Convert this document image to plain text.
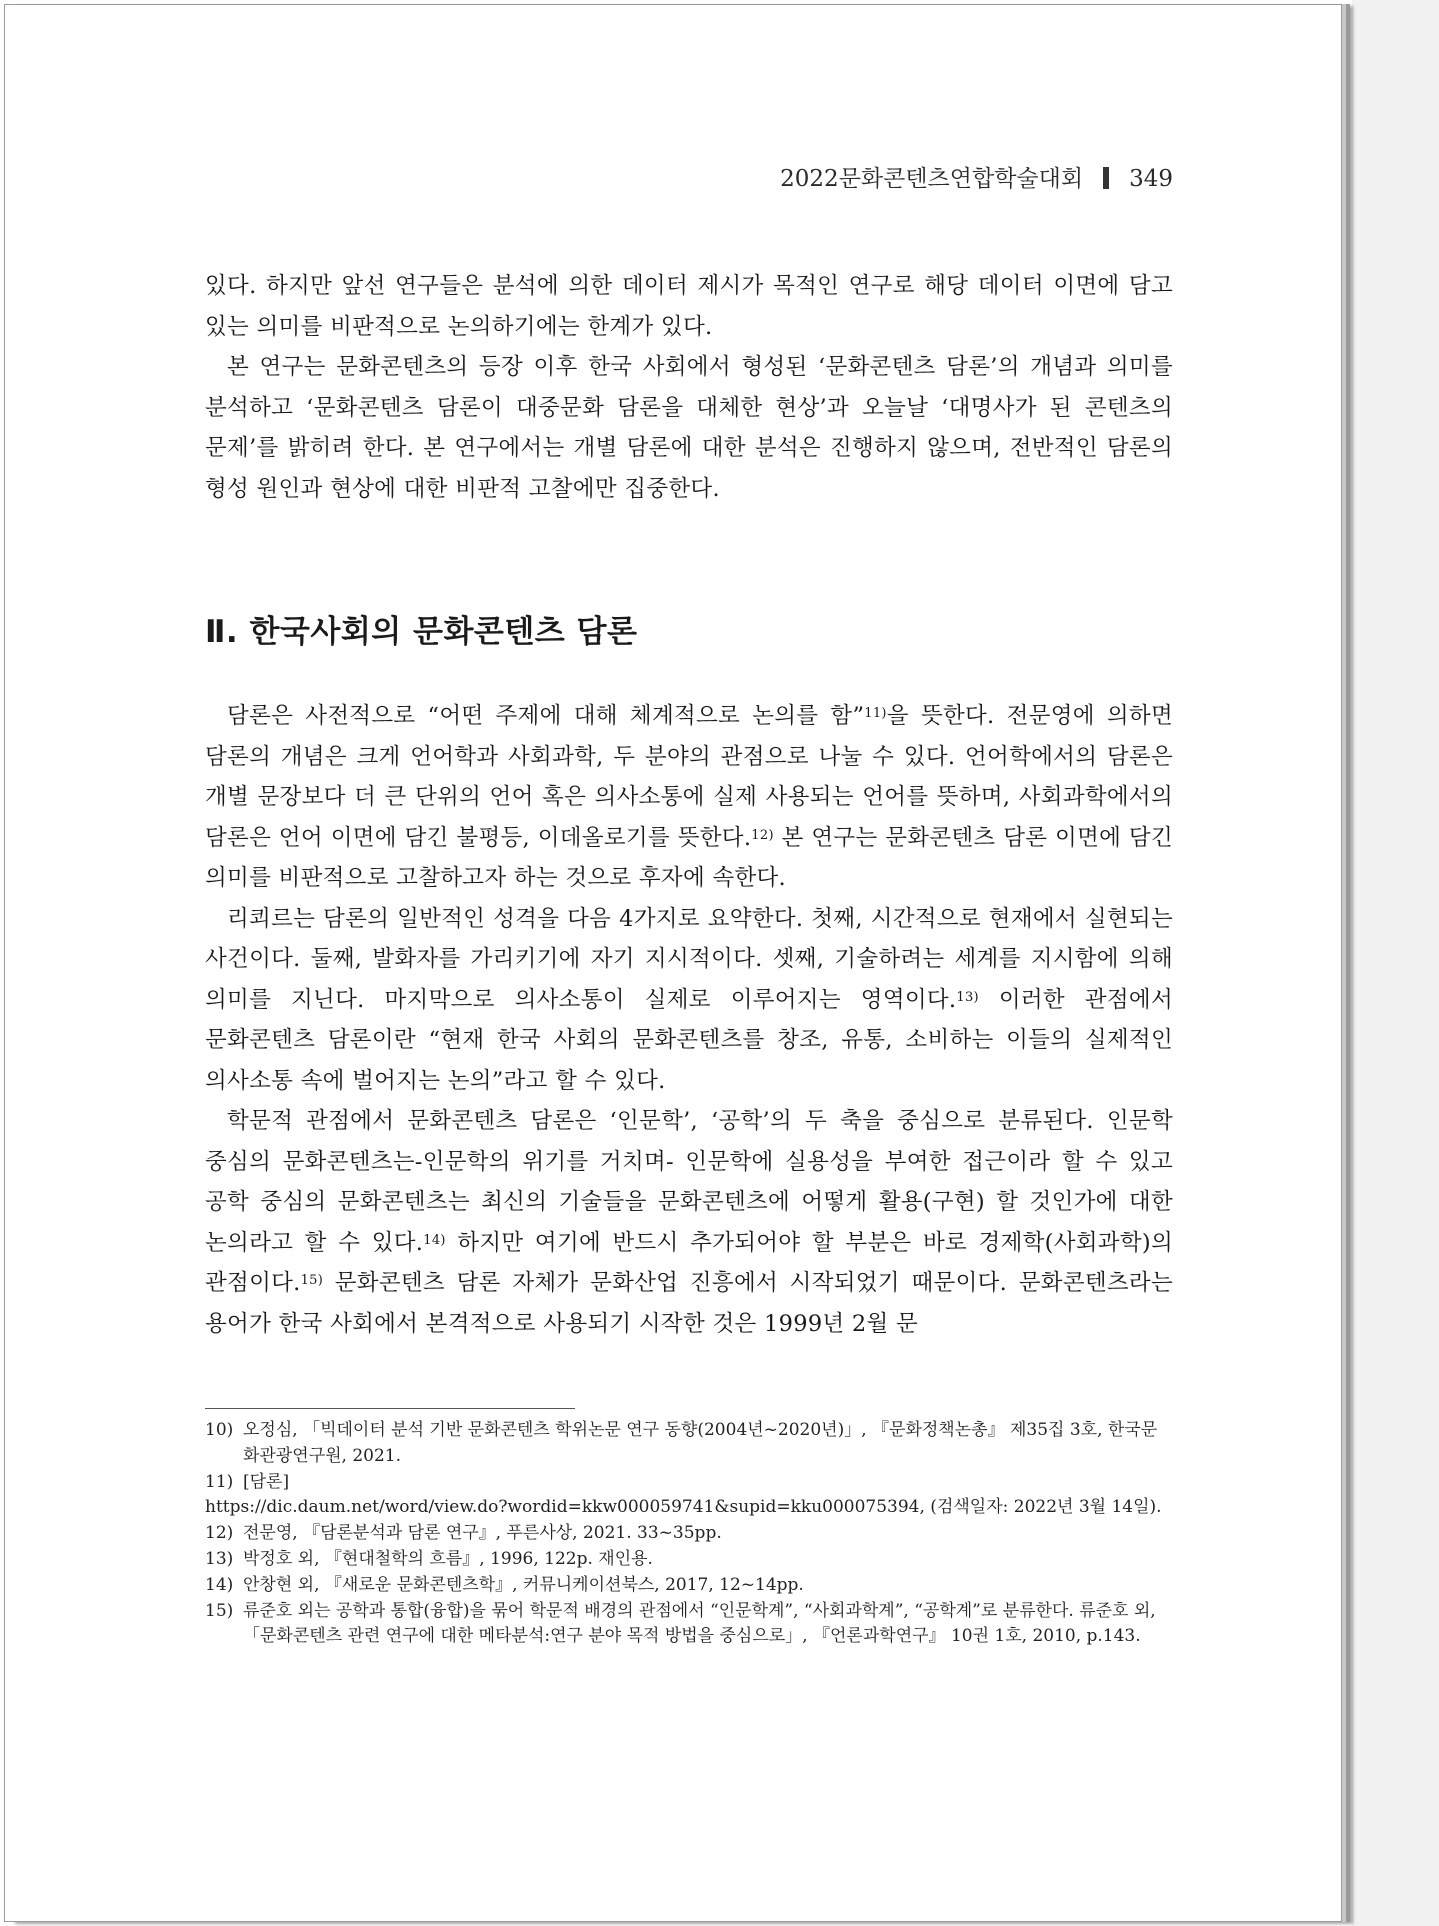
2022문화콘텐츠연합학술대회 349

있다. 하지만 앞선 연구들은 분석에 의한 데이터 제시가 목적인 연구로 해당 데이터 이면에 담고 있는 의미를 비판적으로 논의하기에는 한계가 있다.

본 연구는 문화콘텐츠의 등장 이후 한국 사회에서 형성된 ‘문화콘텐츠 담론’의 개념과 의미를 분석하고 ‘문화콘텐츠 담론이 대중문화 담론을 대체한 현상’과 오늘날 ‘대명사가 된 콘텐츠의 문제’를 밝히려 한다. 본 연구에서는 개별 담론에 대한 분석은 진행하지 않으며, 전반적인 담론의 형성 원인과 현상에 대한 비판적 고찰에만 집중한다.

Ⅱ. 한국사회의 문화콘텐츠 담론

담론은 사전적으로 “어떤 주제에 대해 체계적으로 논의를 함”$^{11)}$을 뜻한다. 전문영에 의하면 담론의 개념은 크게 언어학과 사회과학, 두 분야의 관점으로 나눌 수 있다. 언어학에서의 담론은 개별 문장보다 더 큰 단위의 언어 혹은 의사소통에 실제 사용되는 언어를 뜻하며, 사회과학에서의 담론은 언어 이면에 담긴 불평등, 이데올로기를 뜻한다.$^{12)}$ 본 연구는 문화콘텐츠 담론 이면에 담긴 의미를 비판적으로 고찰하고자 하는 것으로 후자에 속한다.

리쾨르는 담론의 일반적인 성격을 다음 4가지로 요약한다. 첫째, 시간적으로 현재에서 실현되는 사건이다. 둘째, 발화자를 가리키기에 자기 지시적이다. 셋째, 기술하려는 세계를 지시함에 의해 의미를 지닌다. 마지막으로 의사소통이 실제로 이루어지는 영역이다.$^{13)}$ 이러한 관점에서 문화콘텐츠 담론이란 “현재 한국 사회의 문화콘텐츠를 창조, 유통, 소비하는 이들의 실제적인 의사소통 속에 벌어지는 논의”라고 할 수 있다.

학문적 관점에서 문화콘텐츠 담론은 ‘인문학’, ‘공학’의 두 축을 중심으로 분류된다. 인문학 중심의 문화콘텐츠는-인문학의 위기를 거치며- 인문학에 실용성을 부여한 접근이라 할 수 있고 공학 중심의 문화콘텐츠는 최신의 기술들을 문화콘텐츠에 어떻게 활용(구현) 할 것인가에 대한 논의라고 할 수 있다.$^{14)}$ 하지만 여기에 반드시 추가되어야 할 부분은 바로 경제학(사회과학)의 관점이다.$^{15)}$ 문화콘텐츠 담론 자체가 문화산업 진흥에서 시작되었기 때문이다. 문화콘텐츠라는 용어가 한국 사회에서 본격적으로 사용되기 시작한 것은 1999년 2월 문

10) 오정심, 「빅데이터 분석 기반 문화콘텐츠 학위논문 연구 동향(2004년~2020년)」, 『문화정책논총』 제35집 3호, 한국문화관광연구원, 2021.
11) [담론]
https://dic.daum.net/word/view.do?wordid=kkw000059741&supid=kku000075394, (검색일자: 2022년 3월 14일).
12) 전문영, 『담론분석과 담론 연구』, 푸른사상, 2021. 33~35pp.
13) 박정호 외, 『현대철학의 흐름』, 1996, 122p. 재인용.
14) 안창현 외, 『새로운 문화콘텐츠학』, 커뮤니케이션북스, 2017, 12~14pp.
15) 류준호 외는 공학과 통합(융합)을 묶어 학문적 배경의 관점에서 “인문학계”, “사회과학계”, “공학계”로 분류한다. 류준호 외, 「문화콘텐츠 관련 연구에 대한 메타분석:연구 분야 목적 방법을 중심으로」, 『언론과학연구』 10권 1호, 2010, p.143.
